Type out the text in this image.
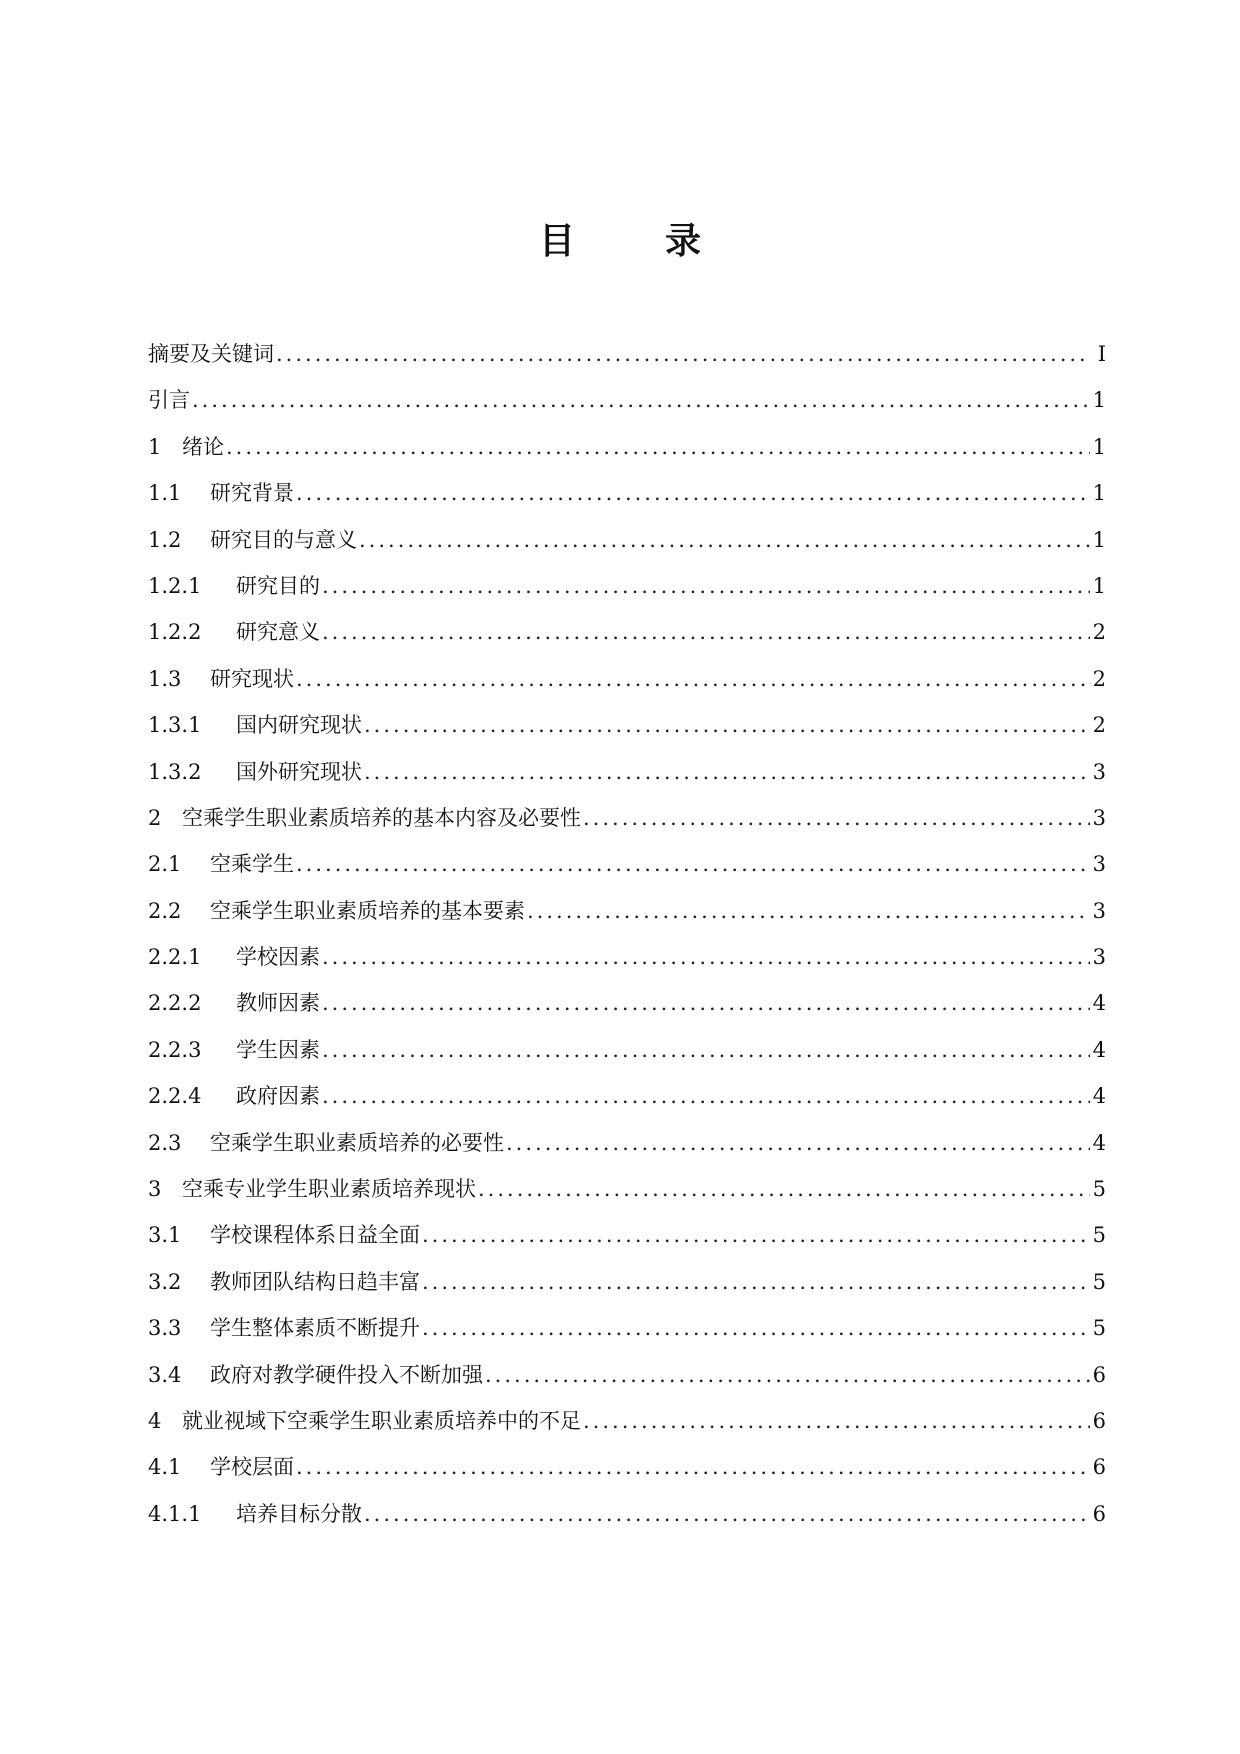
目	录
摘要及关键词 .....	I
引言 .....	1
1 绪论 .....	1
1.1	研究背景 .....	1
1.2	研究目的与意义 .....	1
1.2.1	研究目的 .....	1
1.2.2	研究意义 .....	2
1.3	研究现状 .....	2
1.3.1	国内研究现状 .....	2
1.3.2	国外研究现状 .....	3
2 空乘学生职业素质培养的基本内容及必要性 .....	3
2.1	空乘学生 .....	3
2.2	空乘学生职业素质培养的基本要素 .....	3
2.2.1	学校因素 .....	3
2.2.2	教师因素 .....	4
2.2.3	学生因素 .....	4
2.2.4	政府因素 .....	4
2.3	空乘学生职业素质培养的必要性 .....	4
3 空乘专业学生职业素质培养现状 .....	5
3.1	学校课程体系日益全面 .....	5
3.2	教师团队结构日趋丰富 .....	5
3.3	学生整体素质不断提升 .....	5
3.4	政府对教学硬件投入不断加强 .....	6
4 就业视域下空乘学生职业素质培养中的不足 .....	6
4.1	学校层面 .....	6
4.1.1	培养目标分散 .....	6
